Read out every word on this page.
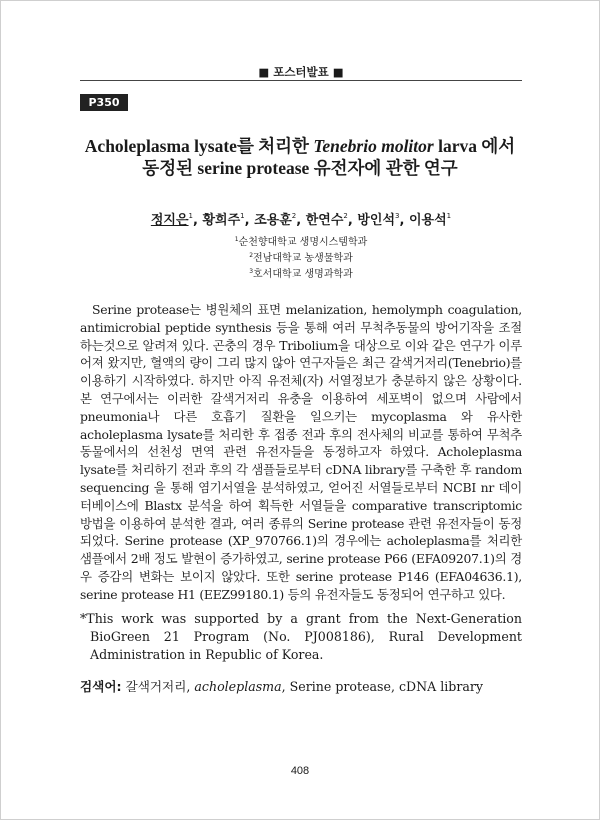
■ 포스터발표 ■
P350
Acholeplasma lysate를 처리한 Tenebrio molitor larva 에서
동정된 serine protease 유전자에 관한 연구
정지은$^1$, 황희주$^1$, 조용훈$^2$, 한연수$^2$, 방인석$^3$, 이용석$^1$
$^1$순천향대학교 생명시스템학과
$^2$전남대학교 농생물학과
$^3$호서대학교 생명과학과
Serine protease는 병원체의 표면 melanization, hemolymph coagulation, antimicrobial peptide synthesis 등을 통해 여러 무척추동물의 방어기작을 조절하는것으로 알려져 있다. 곤충의 경우 Tribolium을 대상으로 이와 같은 연구가 이루어져 왔지만, 혈액의 량이 그리 많지 않아 연구자들은 최근 갈색거저리(Tenebrio)를 이용하기 시작하였다. 하지만 아직 유전체(자) 서열정보가 충분하지 않은 상황이다. 본 연구에서는 이러한 갈색거저리 유충을 이용하여 세포벽이 없으며 사람에서 pneumonia나 다른 호흡기 질환을 일으키는 mycoplasma 와 유사한 acholeplasma lysate를 처리한 후 접종 전과 후의 전사체의 비교를 통하여 무척추 동물에서의 선천성 면역 관련 유전자들을 동정하고자 하였다. Acholeplasma lysate를 처리하기 전과 후의 각 샘플들로부터 cDNA library를 구축한 후 random sequencing 을 통해 염기서열을 분석하였고, 얻어진 서열들로부터 NCBI nr 데이터베이스에 Blastx 분석을 하여 획득한 서열들을 comparative transcriptomic 방법을 이용하여 분석한 결과, 여러 종류의 Serine protease 관련 유전자들이 동정되었다. Serine protease (XP_970766.1)의 경우에는 acholeplasma를 처리한 샘플에서 2배 정도 발현이 증가하였고, serine protease P66 (EFA09207.1)의 경우 증감의 변화는 보이지 않았다. 또한 serine protease P146 (EFA04636.1), serine protease H1 (EEZ99180.1) 등의 유전자들도 동정되어 연구하고 있다.
*This work was supported by a grant from the Next-Generation BioGreen 21 Program (No. PJ008186), Rural Development Administration in Republic of Korea.
검색어: 갈색거저리, acholeplasma, Serine protease, cDNA library
408
